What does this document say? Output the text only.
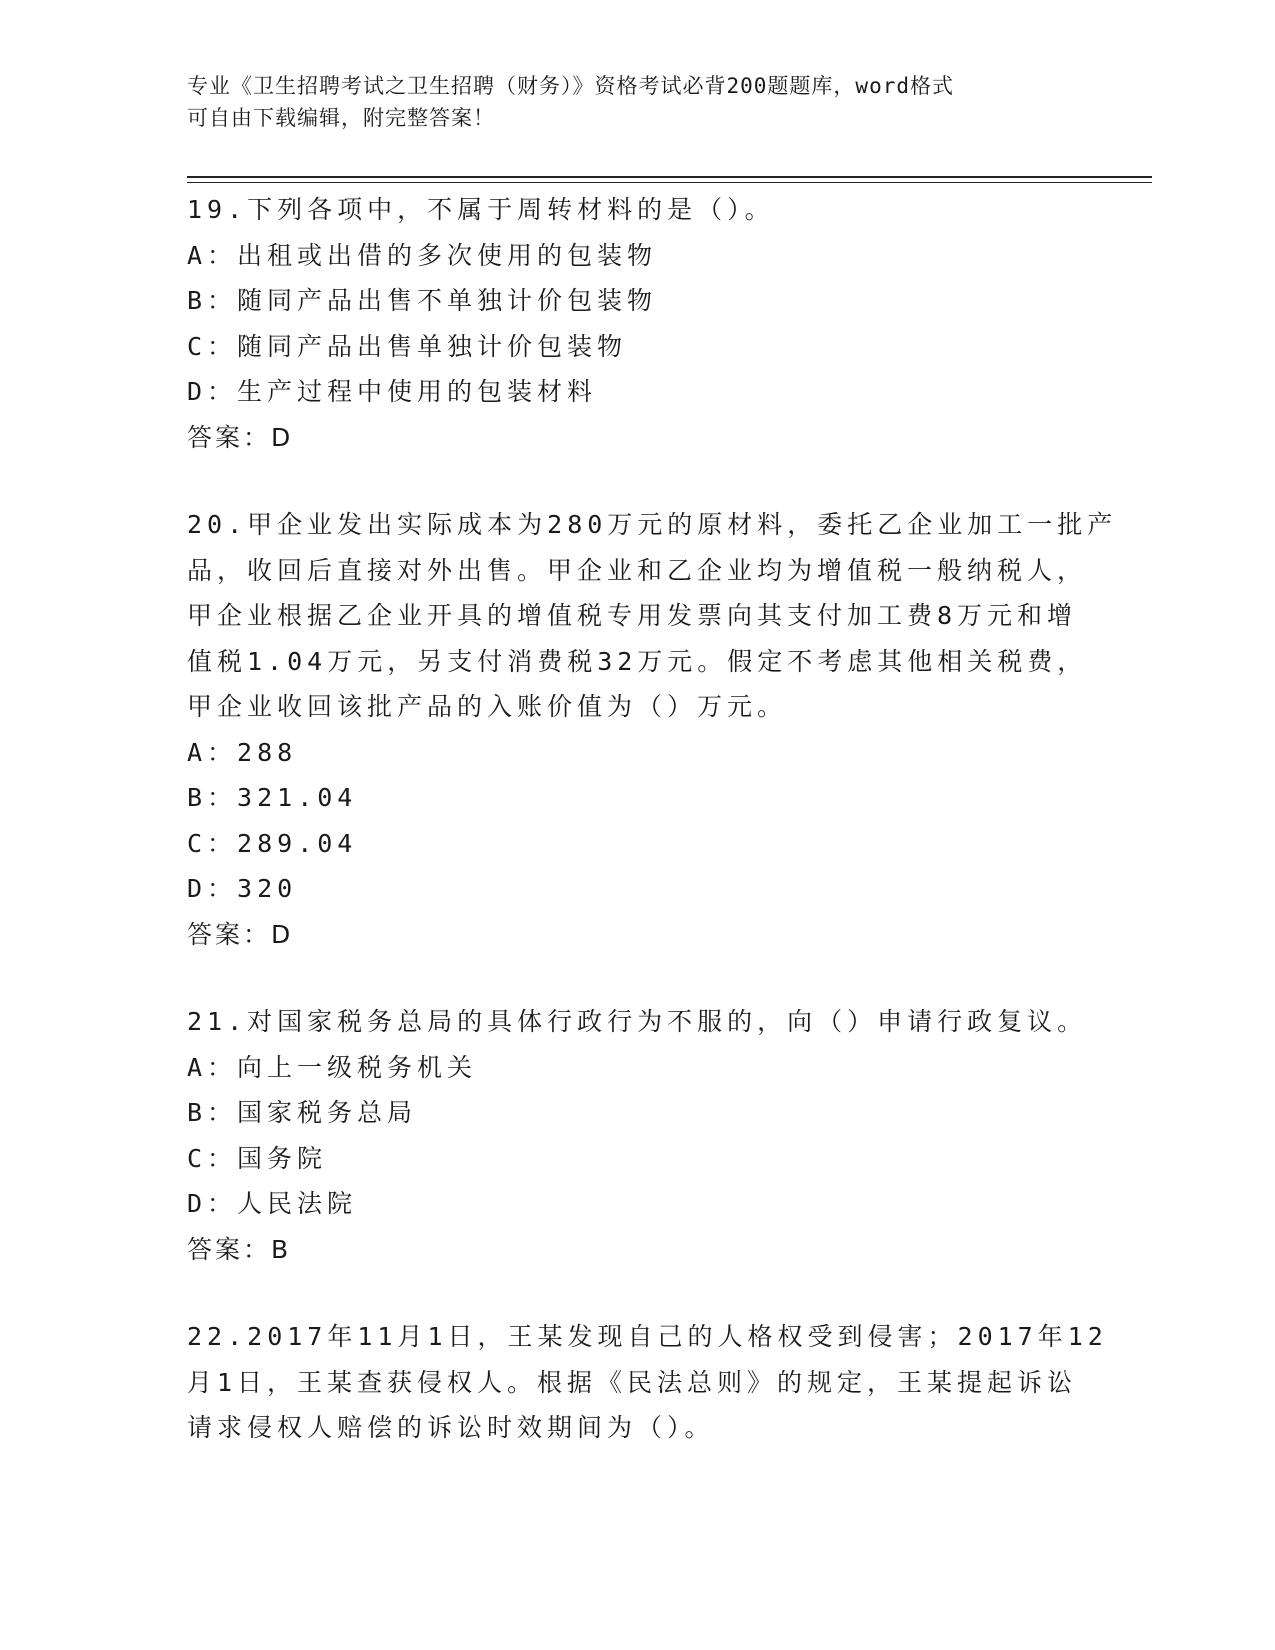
专业《卫生招聘考试之卫生招聘（财务）》资格考试必背200题题库，word格式
可自由下载编辑，附完整答案！
19.下列各项中，不属于周转材料的是（）。
A：出租或出借的多次使用的包装物
B：随同产品出售不单独计价包装物
C：随同产品出售单独计价包装物
D：生产过程中使用的包装材料
答案：D
20.甲企业发出实际成本为280万元的原材料，委托乙企业加工一批产
品，收回后直接对外出售。甲企业和乙企业均为增值税一般纳税人，
甲企业根据乙企业开具的增值税专用发票向其支付加工费8万元和增
值税1.04万元，另支付消费税32万元。假定不考虑其他相关税费，
甲企业收回该批产品的入账价值为（）万元。
A：288
B：321.04
C：289.04
D：320
答案：D
21.对国家税务总局的具体行政行为不服的，向（）申请行政复议。
A：向上一级税务机关
B：国家税务总局
C：国务院
D：人民法院
答案：B
22.2017年11月1日，王某发现自己的人格权受到侵害；2017年12
月1日，王某查获侵权人。根据《民法总则》的规定，王某提起诉讼
请求侵权人赔偿的诉讼时效期间为（）。
